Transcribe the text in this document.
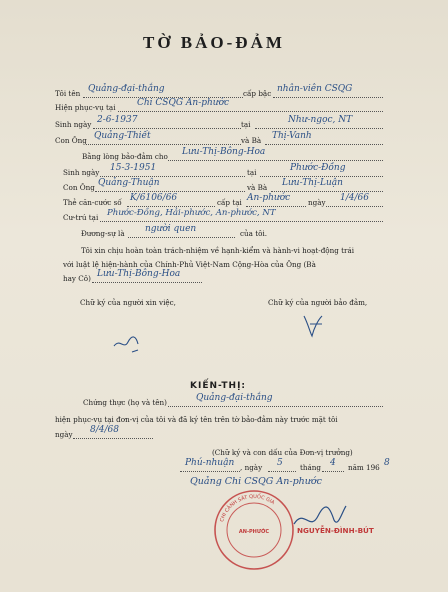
TỜ BẢO-ĐẢM
Tôi tên Quảng-đại-thắng	cấp bậc nhân-viên CSQG
Hiện phục-vụ tại Chi CSQG An-phước
Sinh ngày 2-6-1937	tại	Như-ngọc, NT
Con Ông Quảng-Thiết	và Bà Thị-Vanh
Bằng lòng bảo-đảm cho Lưu-Thị-Bông-Hoa
Sinh ngày 15-3-1951	tại	Phước-Đồng
Con Ông Quảng-Thuận	và Bà Lưu-Thị-Luận
Thẻ căn-cước số K/6106/66	cấp tại An-phước ngày 1/4/66
Cư-trú tại Phước-Đồng, Hải-phước, An-phước, NT
Đương-sự là người quen	của tôi.
Tôi xin chịu hoàn toàn trách-nhiệm về hạnh-kiểm và hành-vi hoạt-động trái
với luật lệ hiện-hành của Chính-Phủ Việt-Nam Cộng-Hòa của Ông (Bà
hay Cô) Lưu-Thị-Bông-Hoa
Chữ ký của người xin việc,	Chữ ký của người bảo đảm,
KIẾN-THỊ:
Chứng thực (họ và tên)	Quảng-đại-thắng
hiện phục-vụ tại đơn-vị của tôi và đã ký tên trên tờ bảo-đảm này trước mặt tôi
ngày 8/4/68
(Chữ ký và con dấu của Đơn-vị trưởng)
Phú-nhuận , ngày 5 tháng 4 năm 196 8
Quảng Chi CSQG An-phước
CHI CẢNH SÁT QUỐC GIA
AN-PHƯỚC	NGUYỄN-ĐÌNH-BÚT
